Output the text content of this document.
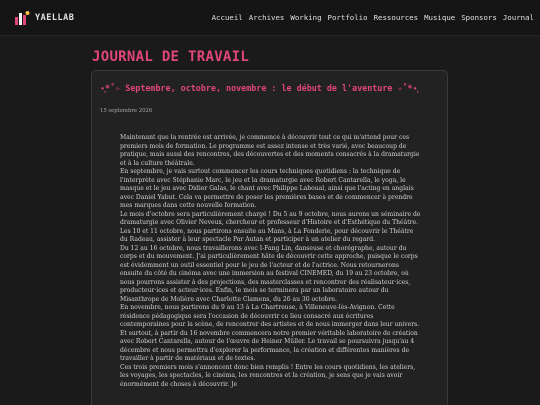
YAELLAB	Accueil Archives Working Portfolio Ressources Musique Sponsors Journal
JOURNAL DE TRAVAIL
•̩̩͙*˚✧ Septembre, octobre, novembre : le début de l'aventure ✧˚*•̩̩͙
15 septembre 2026

Maintenant que la rentrée est arrivée, je commence à découvrir tout ce qui m'attend pour ces premiers mois de formation. Le programme est assez intense et très varié, avec beaucoup de pratique, mais aussi des rencontres, des découvertes et des moments consacrés à la dramaturgie et à la culture théâtrale.

En septembre, je vais surtout commencer les cours techniques quotidiens : la technique de l'interprète avec Stéphanie Marc, le jeu et la dramaturgie avec Robert Cantarella, le yoga, le masque et le jeu avec Didier Galas, le chant avec Philippe Laboual, ainsi que l'acting en anglais avec Daniel Yabut. Cela va permettre de poser les premières bases et de commencer à prendre mes marques dans cette nouvelle formation.

Le mois d'octobre sera particulièrement chargé ! Du 5 au 9 octobre, nous aurons un séminaire de dramaturgie avec Olivier Neveux, chercheur et professeur d'Histoire et d'Esthétique du Théâtre. Les 10 et 11 octobre, nous partirons ensuite au Mans, à La Fonderie, pour découvrir le Théâtre du Radeau, assister à leur spectacle Par Autan et participer à un atelier du regard.

Du 12 au 16 octobre, nous travaillerons avec I-Fang Lin, danseuse et chorégraphe, autour du corps et du mouvement. J'ai particulièrement hâte de découvrir cette approche, puisque le corps est évidemment un outil essentiel pour le jeu de l'acteur et de l'actrice. Nous retournerons ensuite du côté du cinéma avec une immersion au festival CINEMED, du 19 au 23 octobre, où nous pourrons assister à des projections, des masterclasses et rencontrer des réalisateur·ices, producteur·ices et acteur·ices. Enfin, le mois se terminera par un laboratoire autour du Misanthrope de Molière avec Charlotte Clamens, du 26 au 30 octobre.

En novembre, nous partirons du 9 au 13 à La Chartreuse, à Villeneuve-lès-Avignon. Cette résidence pédagogique sera l'occasion de découvrir ce lieu consacré aux écritures contemporaines pour la scène, de rencontrer des artistes et de nous immerger dans leur univers.

Et surtout, à partir du 16 novembre commencera notre premier véritable laboratoire de création avec Robert Cantarella, autour de l'œuvre de Heiner Müller. Le travail se poursuivra jusqu'au 4 décembre et nous permettra d'explorer la performance, la création et différentes manières de travailler à partir de matériaux et de textes.

Ces trois premiers mois s'annoncent donc bien remplis ! Entre les cours quotidiens, les ateliers, les voyages, les spectacles, le cinéma, les rencontres et la création, je sens que je vais avoir énormément de choses à découvrir. Je
